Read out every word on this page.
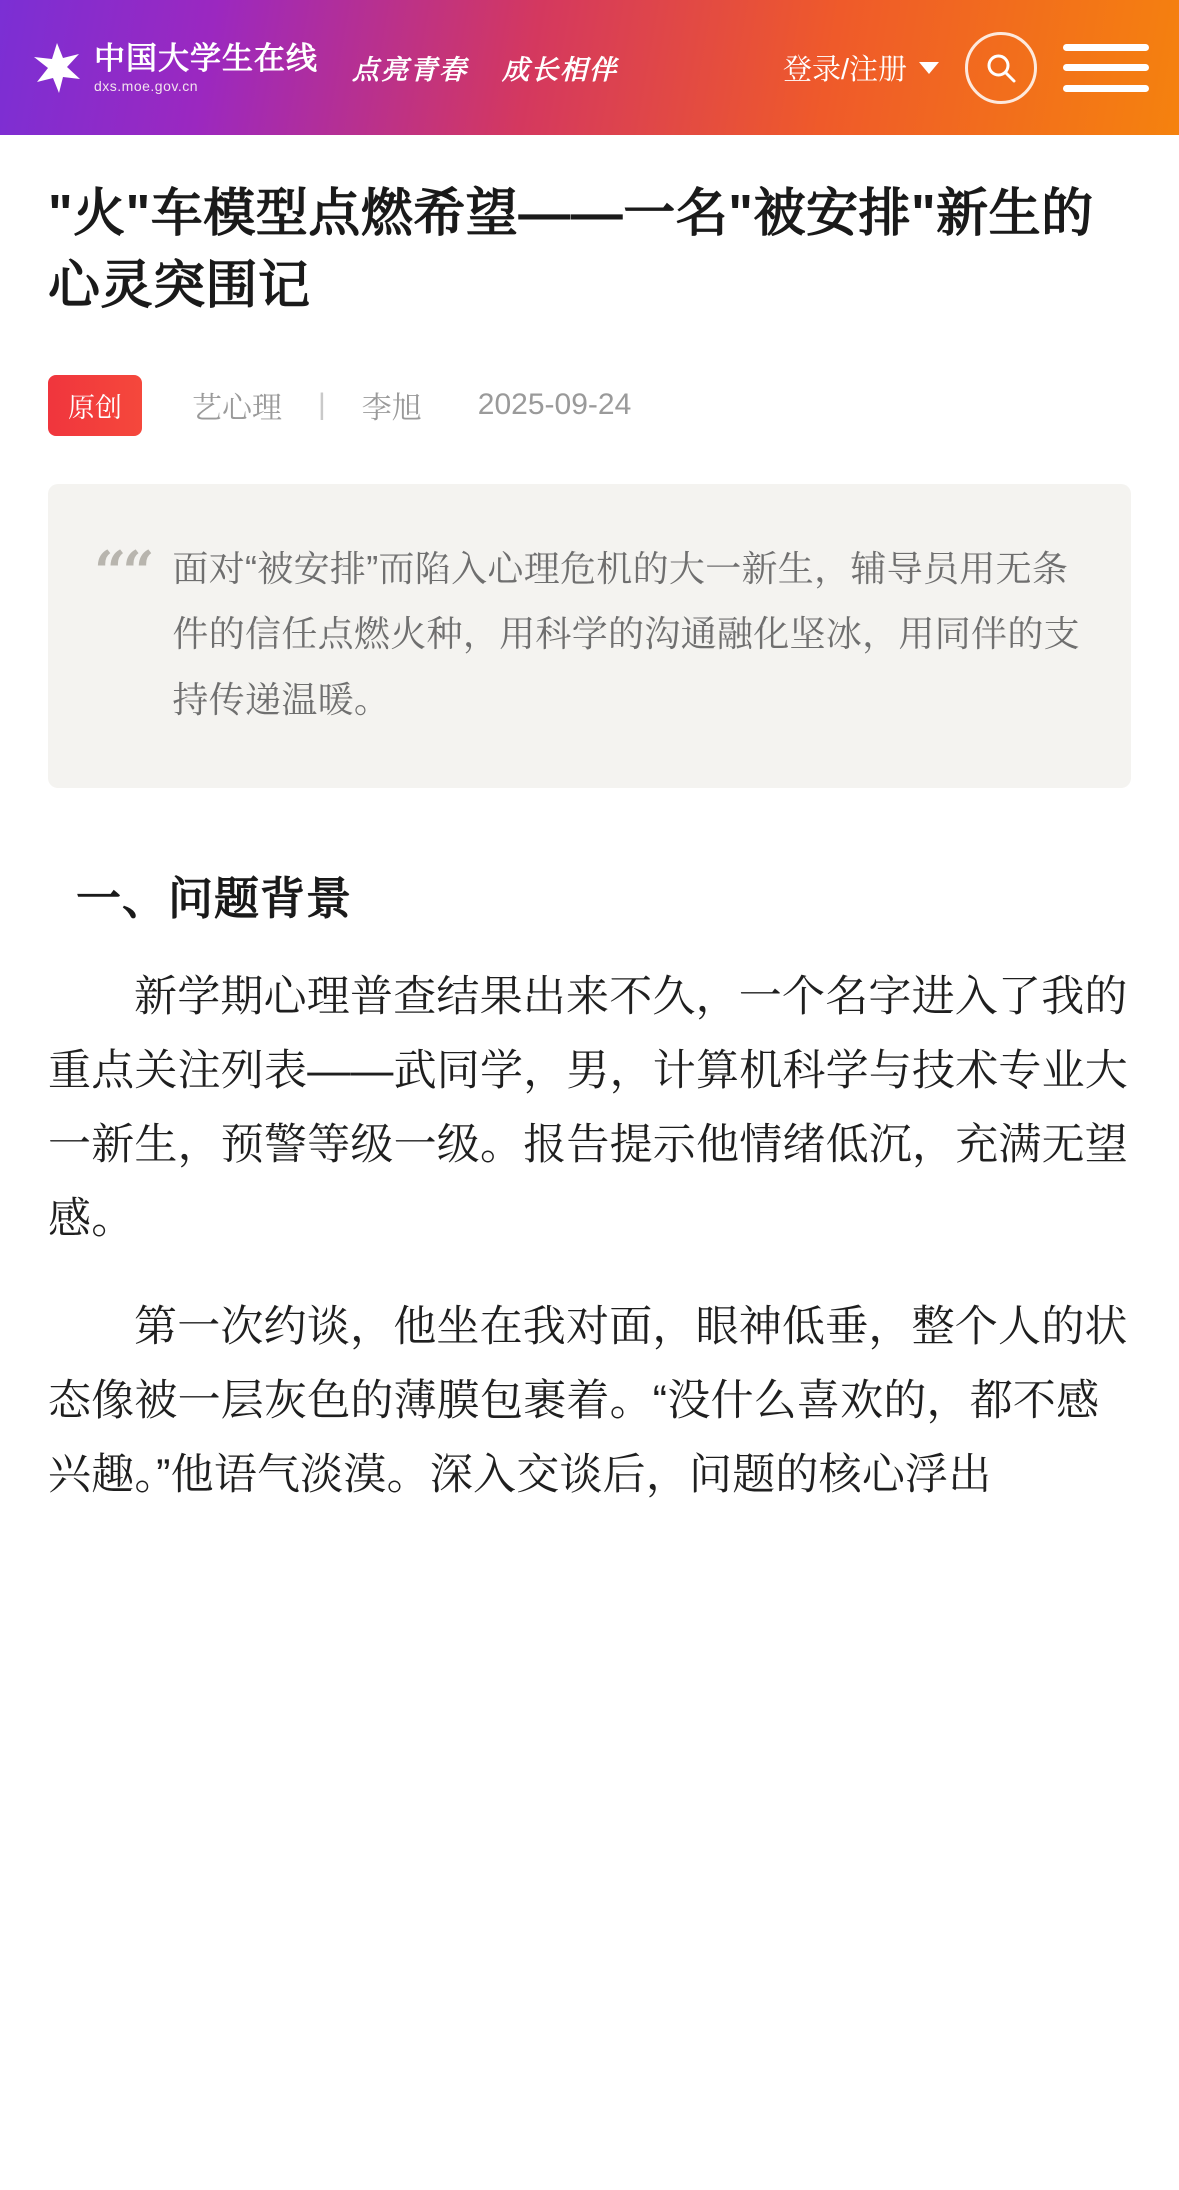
中国大学生在线
dxs.moe.gov.cn	点亮青春 成长相伴	登录/注册
"火"车模型点燃希望——一名"被安排"新生的心灵突围记
原创	艺心理 | 李旭 2025-09-24
““ 面对“被安排”而陷入心理危机的大一新生，辅导员用无条件的信任点燃火种，用科学的沟通融化坚冰，用同伴的支持传递温暖。
一、问题背景

新学期心理普查结果出来不久，一个名字进入了我的重点关注列表——武同学，男，计算机科学与技术专业大一新生，预警等级一级。报告提示他情绪低沉，充满无望感。

第一次约谈，他坐在我对面，眼神低垂，整个人的状态像被一层灰色的薄膜包裹着。“没什么喜欢的，都不感兴趣。”他语气淡漠。深入交谈后，问题的核心浮出
